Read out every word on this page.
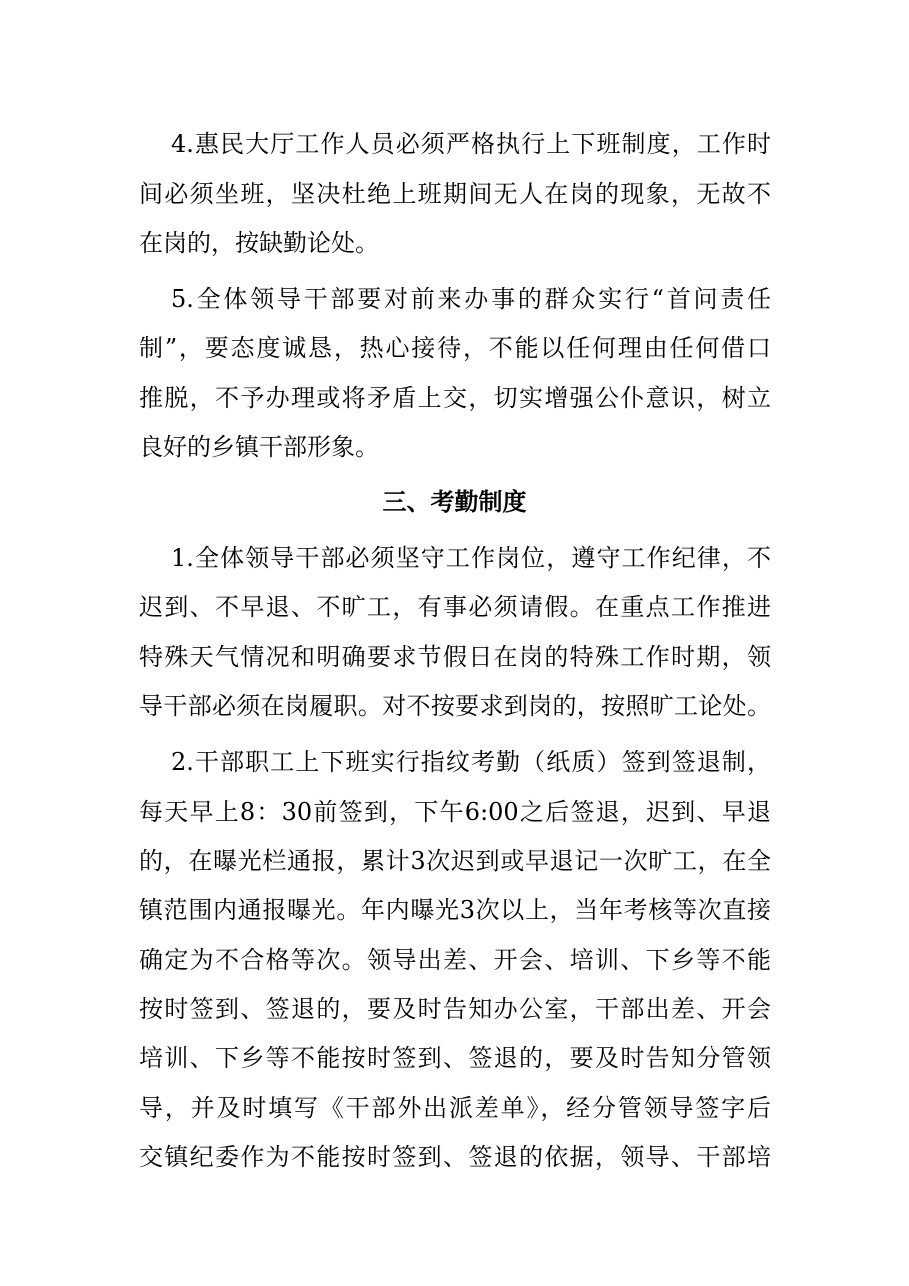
4.惠民大厅工作人员必须严格执行上下班制度，工作时
间必须坐班，坚决杜绝上班期间无人在岗的现象，无故不
在岗的，按缺勤论处。
5.全体领导干部要对前来办事的群众实行“首问责任
制”，要态度诚恳，热心接待，不能以任何理由任何借口
推脱，不予办理或将矛盾上交，切实增强公仆意识，树立
良好的乡镇干部形象。
三、考勤制度
1.全体领导干部必须坚守工作岗位，遵守工作纪律，不
迟到、不早退、不旷工，有事必须请假。在重点工作推进
特殊天气情况和明确要求节假日在岗的特殊工作时期，领
导干部必须在岗履职。对不按要求到岗的，按照旷工论处。
2.干部职工上下班实行指纹考勤（纸质）签到签退制，
每天早上8：30前签到，下午6:00之后签退，迟到、早退
的，在曝光栏通报，累计3次迟到或早退记一次旷工，在全
镇范围内通报曝光。年内曝光3次以上，当年考核等次直接
确定为不合格等次。领导出差、开会、培训、下乡等不能
按时签到、签退的，要及时告知办公室，干部出差、开会
培训、下乡等不能按时签到、签退的，要及时告知分管领
导，并及时填写《干部外出派差单》，经分管领导签字后
交镇纪委作为不能按时签到、签退的依据，领导、干部培
